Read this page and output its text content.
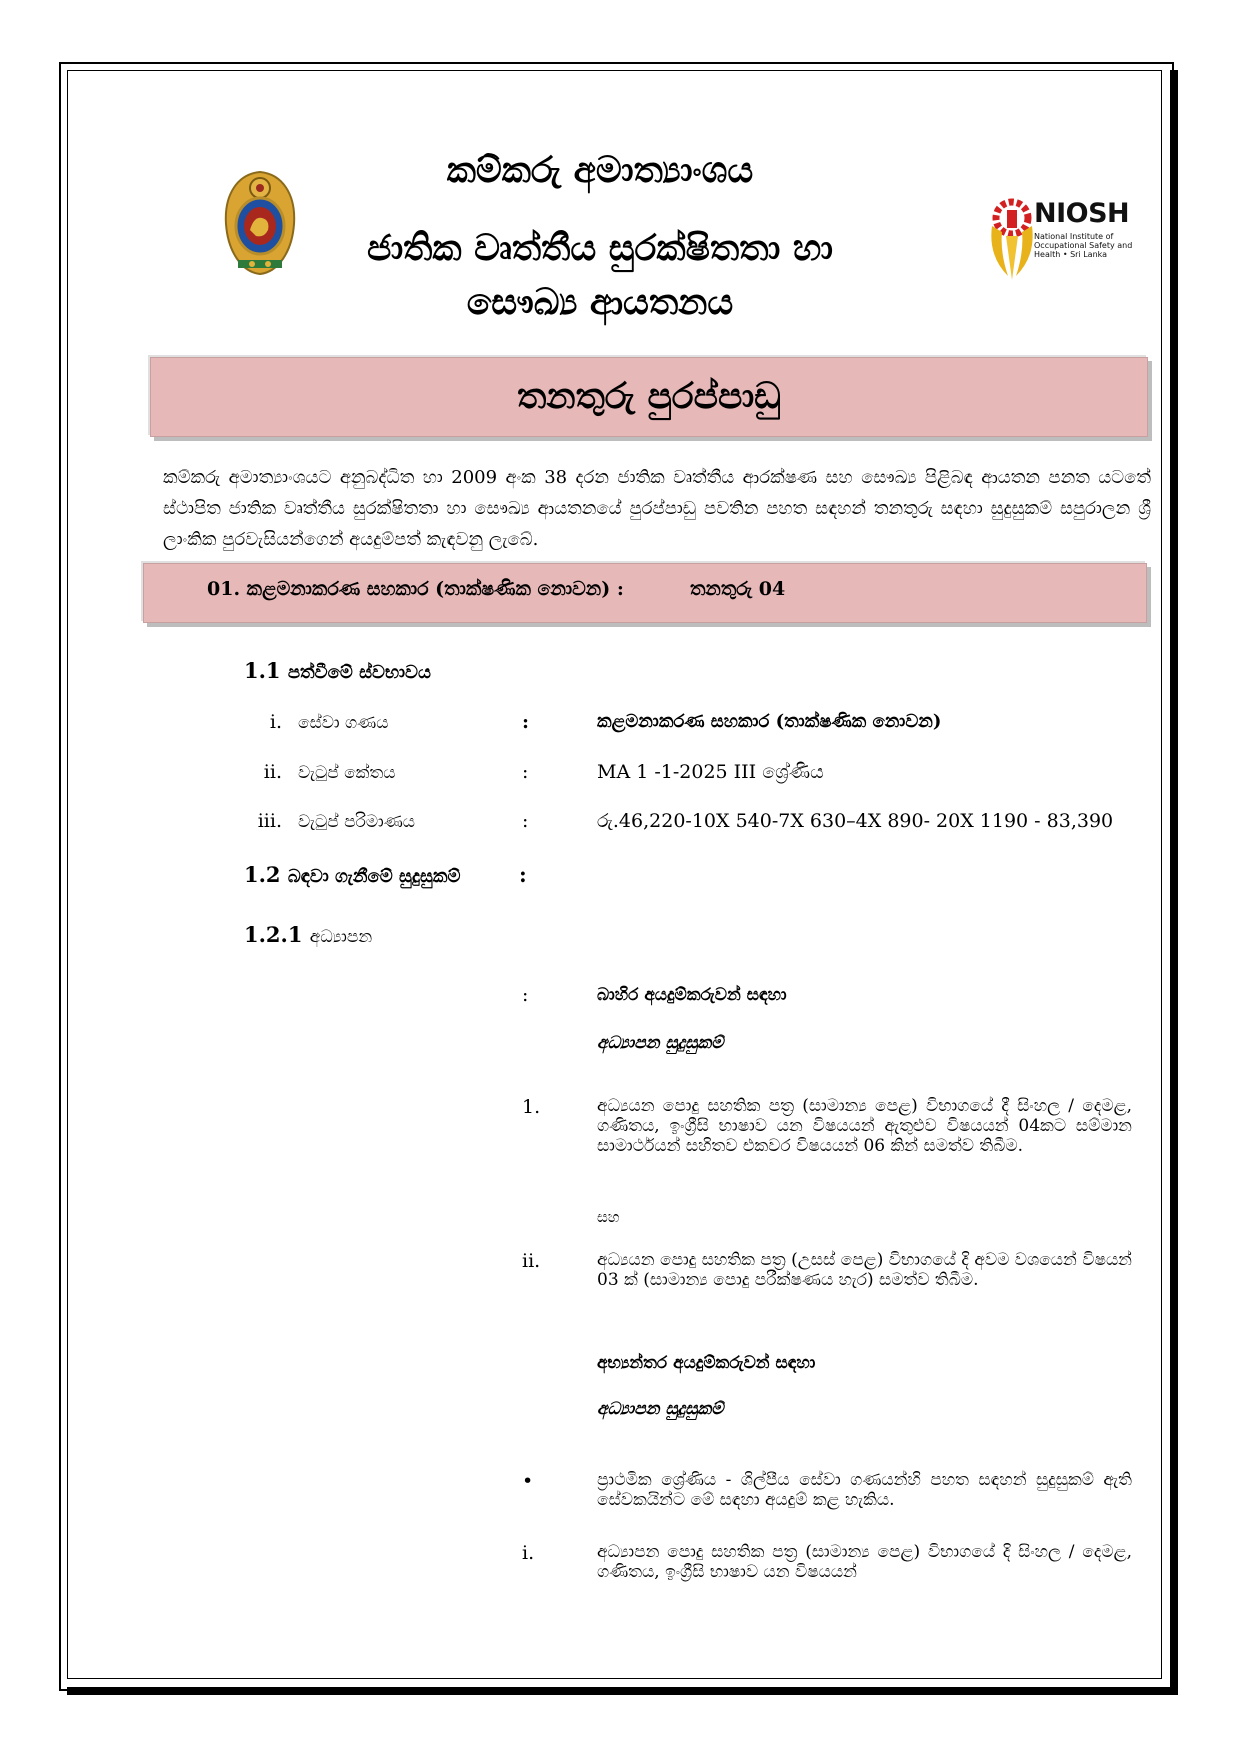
NIOSH
National Institute of Occupational Safety and Health • Sri Lanka
කම්කරු අමාත්‍යාංශය
ජාතික වෘත්තීය සුරක්ෂිතතා හා
සෞඛ්‍ය ආයතනය
තනතුරු පුරප්පාඩු
කම්කරු අමාත්‍යාංශයට අනුබද්ධිත හා 2009 අංක 38 දරන ජාතික වෘත්තීය ආරක්ෂණ සහ සෞඛ්‍ය පිළිබඳ ආයතන පනත යටතේ ස්ථාපිත ජාතික වෘත්තීය සුරක්ෂිතතා හා සෞඛ්‍ය ආයතනයේ පුරප්පාඩු පවතින පහත සඳහන් තනතුරු සඳහා සුදුසුකම් සපුරාලන ශ්‍රී ලාංකික පුරවැසියන්ගෙන් අයදුම්පත් කැඳවනු ලැබේ.
01. කළමනාකරණ සහකාර (තාක්ෂණික නොවන) :	තනතුරු 04
1.1 පත්වීමේ ස්වභාවය
i. සේවා ගණය	:	කළමනාකරණ සහකාර (තාක්ෂණික නොවන)
ii. වැටුප් කේතය	:	MA 1 -1-2025 III ශ්‍රේණිය
iii. වැටුප් පරිමාණය	:	රු.46,220-10X 540-7X 630–4X 890- 20X 1190 - 83,390
1.2 බඳවා ගැනීමේ සුදුසුකම්	:
1.2.1 අධ්‍යාපන
:	බාහිර අයදුම්කරුවන් සඳහා
අධ්‍යාපන සුදුසුකම්
1.	අධ්‍යයන පොදු සහතික පත්‍ර (සාමාන්‍ය පෙළ) විභාගයේ දී සිංහල / දෙමළ, ගණිතය, ඉංග්‍රීසි භාෂාව යන විෂයයන් ඇතුළුව විෂයයන් 04කට සම්මාන සාමාර්ථයන් සහිතව එකවර විෂයයන් 06 කින් සමත්ව තිබීම.
සහ
ii.	අධ්‍යයන පොදු සහතික පත්‍ර (උසස් පෙළ) විභාගයේ දි අවම වශයෙන් විෂයන් 03 ක් (සාමාන්‍ය පොදු පරීක්ෂණය හැර) සමත්ව තිබීම.
අභ්‍යන්තර අයදුම්කරුවන් සඳහා
අධ්‍යාපන සුදුසුකම්
•	ප්‍රාථමික ශ්‍රේණිය - ශිල්පීය සේවා ගණයන්හි පහත සඳහන් සුදුසුකම් ඇති සේවකයින්ට මේ සඳහා අයදුම් කළ හැකිය.
i.	අධ්‍යාපන පොදු සහතික පත්‍ර (සාමාන්‍ය පෙළ) විභාගයේ දි සිංහල / දෙමළ, ගණිතය, ඉංග්‍රීසි භාෂාව යන විෂයයන්
